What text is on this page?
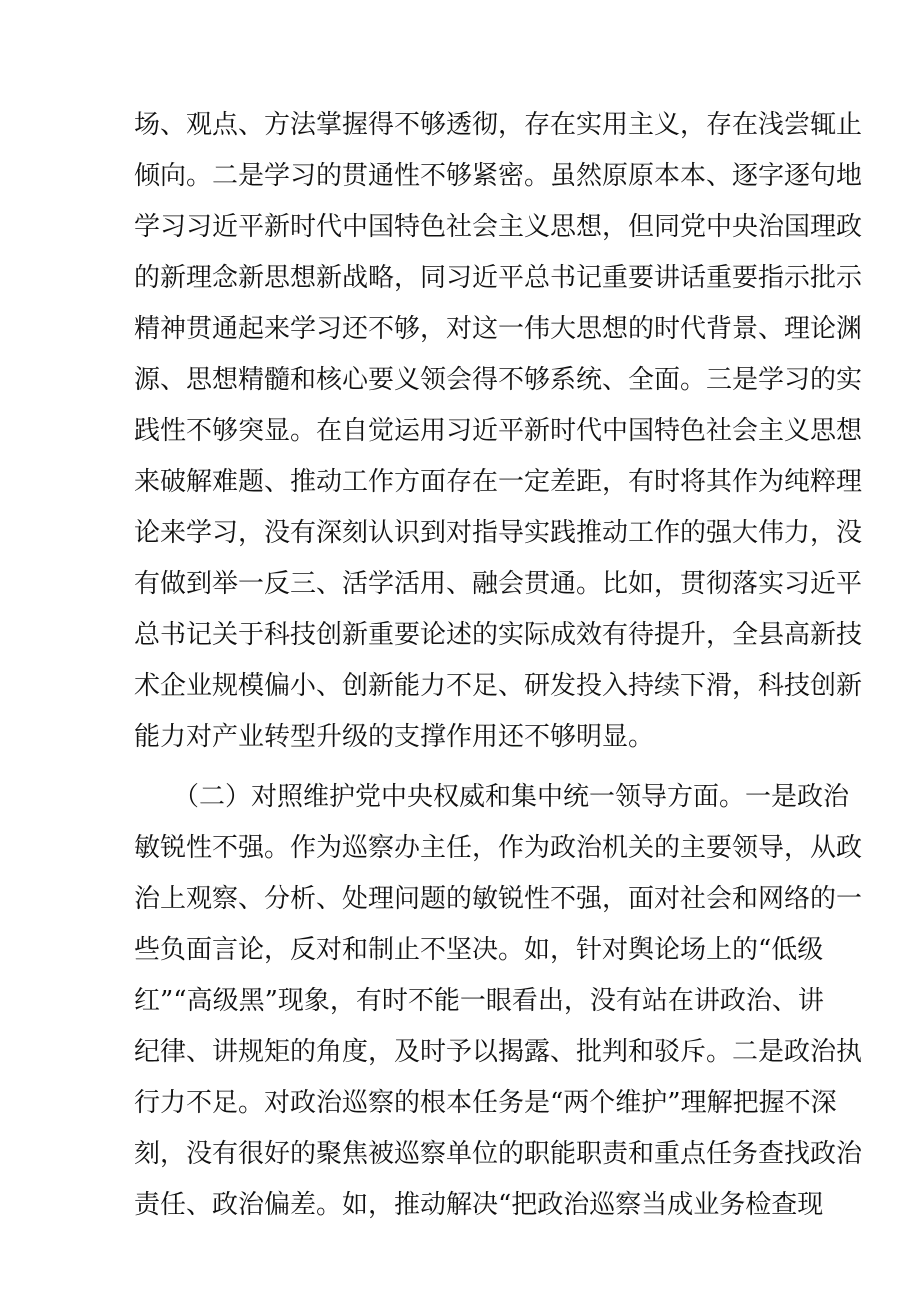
场、观点、方法掌握得不够透彻，存在实用主义，存在浅尝辄止
倾向。二是学习的贯通性不够紧密。虽然原原本本、逐字逐句地
学习习近平新时代中国特色社会主义思想，但同党中央治国理政
的新理念新思想新战略，同习近平总书记重要讲话重要指示批示
精神贯通起来学习还不够，对这一伟大思想的时代背景、理论渊
源、思想精髓和核心要义领会得不够系统、全面。三是学习的实
践性不够突显。在自觉运用习近平新时代中国特色社会主义思想
来破解难题、推动工作方面存在一定差距，有时将其作为纯粹理
论来学习，没有深刻认识到对指导实践推动工作的强大伟力，没
有做到举一反三、活学活用、融会贯通。比如，贯彻落实习近平
总书记关于科技创新重要论述的实际成效有待提升，全县高新技
术企业规模偏小、创新能力不足、研发投入持续下滑，科技创新
能力对产业转型升级的支撑作用还不够明显。
　　（二）对照维护党中央权威和集中统一领导方面。一是政治
敏锐性不强。作为巡察办主任，作为政治机关的主要领导，从政
治上观察、分析、处理问题的敏锐性不强，面对社会和网络的一
些负面言论，反对和制止不坚决。如，针对舆论场上的“低级
红”“高级黑”现象，有时不能一眼看出，没有站在讲政治、讲
纪律、讲规矩的角度，及时予以揭露、批判和驳斥。二是政治执
行力不足。对政治巡察的根本任务是“两个维护”理解把握不深
刻，没有很好的聚焦被巡察单位的职能职责和重点任务查找政治
责任、政治偏差。如，推动解决“把政治巡察当成业务检查现
